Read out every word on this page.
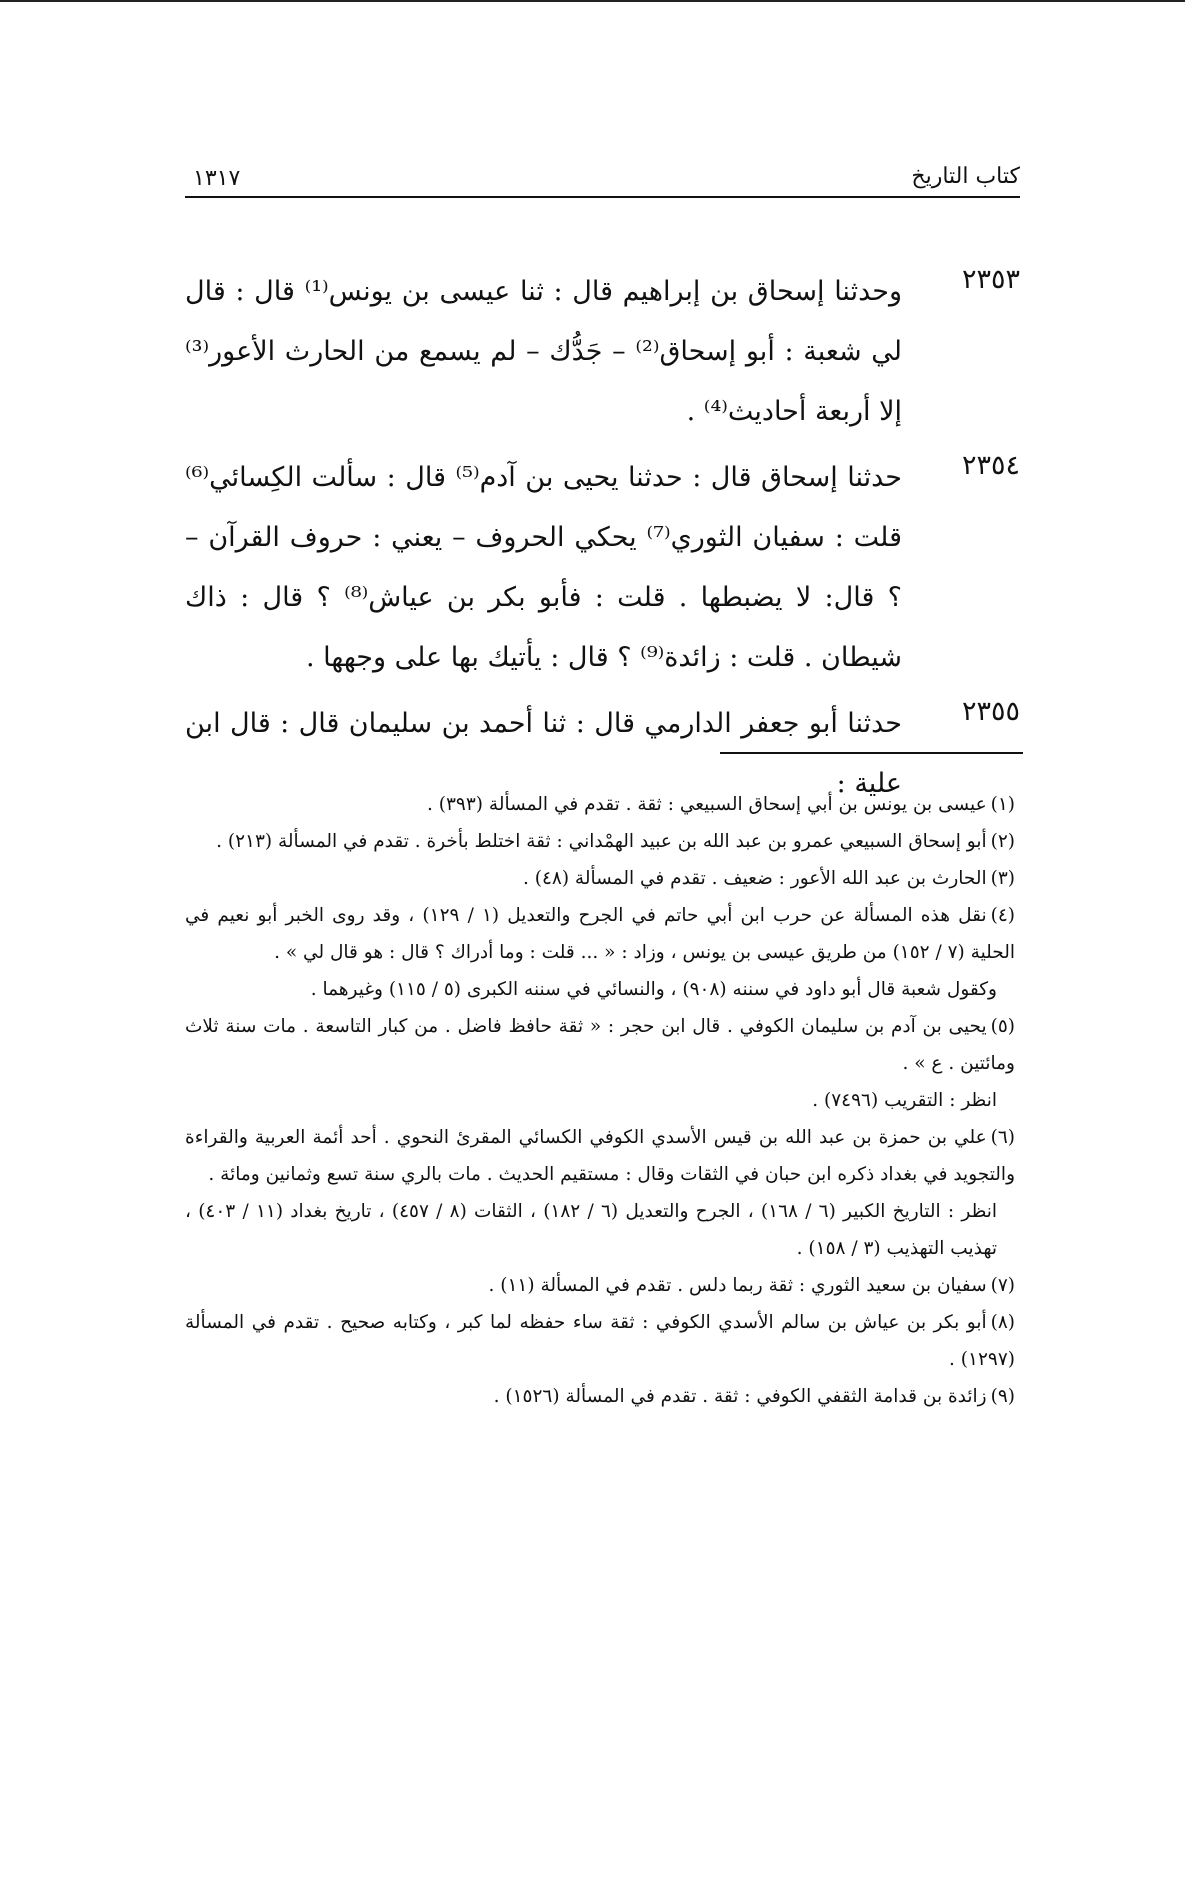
كتاب التاريخ
١٣١٧
٢٣٥٣
وحدثنا إسحاق بن إبراهيم قال : ثنا عيسى بن يونس⁽¹⁾ قال : قال لي شعبة : أبو إسحاق⁽²⁾ – جَدُّك – لم يسمع من الحارث الأعور⁽³⁾ إلا أربعة أحاديث⁽⁴⁾ .
٢٣٥٤
حدثنا إسحاق قال : حدثنا يحيى بن آدم⁽⁵⁾ قال : سألت الكِسائي⁽⁶⁾ قلت : سفيان الثوري⁽⁷⁾ يحكي الحروف – يعني : حروف القرآن – ؟ قال: لا يضبطها . قلت : فأبو بكر بن عياش⁽⁸⁾ ؟ قال : ذاك شيطان . قلت : زائدة⁽⁹⁾ ؟ قال : يأتيك بها على وجهها .
٢٣٥٥
حدثنا أبو جعفر الدارمي قال : ثنا أحمد بن سليمان قال : قال ابن علية :
(١)عيسى بن يونس بن أبي إسحاق السبيعي : ثقة . تقدم في المسألة (٣٩٣) .
(٢)أبو إسحاق السبيعي عمرو بن عبد الله بن عبيد الهمْداني : ثقة اختلط بأخرة . تقدم في المسألة (٢١٣) .
(٣)الحارث بن عبد الله الأعور : ضعيف . تقدم في المسألة (٤٨) .
(٤)نقل هذه المسألة عن حرب ابن أبي حاتم في الجرح والتعديل (١ / ١٢٩) ، وقد روى الخبر أبو نعيم في الحلية (٧ / ١٥٢) من طريق عيسى بن يونس ، وزاد : « ... قلت : وما أدراك ؟ قال : هو قال لي » .
وكقول شعبة قال أبو داود في سننه (٩٠٨) ، والنسائي في سننه الكبرى (٥ / ١١٥) وغيرهما .
(٥)يحيى بن آدم بن سليمان الكوفي . قال ابن حجر : « ثقة حافظ فاضل . من كبار التاسعة . مات سنة ثلاث ومائتين . ع » .
انظر : التقريب (٧٤٩٦) .
(٦)علي بن حمزة بن عبد الله بن قيس الأسدي الكوفي الكسائي المقرئ النحوي . أحد أئمة العربية والقراءة والتجويد في بغداد ذكره ابن حبان في الثقات وقال : مستقيم الحديث . مات بالري سنة تسع وثمانين ومائة .
انظر : التاريخ الكبير (٦ / ١٦٨) ، الجرح والتعديل (٦ / ١٨٢) ، الثقات (٨ / ٤٥٧) ، تاريخ بغداد (١١ / ٤٠٣) ، تهذيب التهذيب (٣ / ١٥٨) .
(٧)سفيان بن سعيد الثوري : ثقة ربما دلس . تقدم في المسألة (١١) .
(٨)أبو بكر بن عياش بن سالم الأسدي الكوفي : ثقة ساء حفظه لما كبر ، وكتابه صحيح . تقدم في المسألة (١٢٩٧) .
(٩)زائدة بن قدامة الثقفي الكوفي : ثقة . تقدم في المسألة (١٥٢٦) .
